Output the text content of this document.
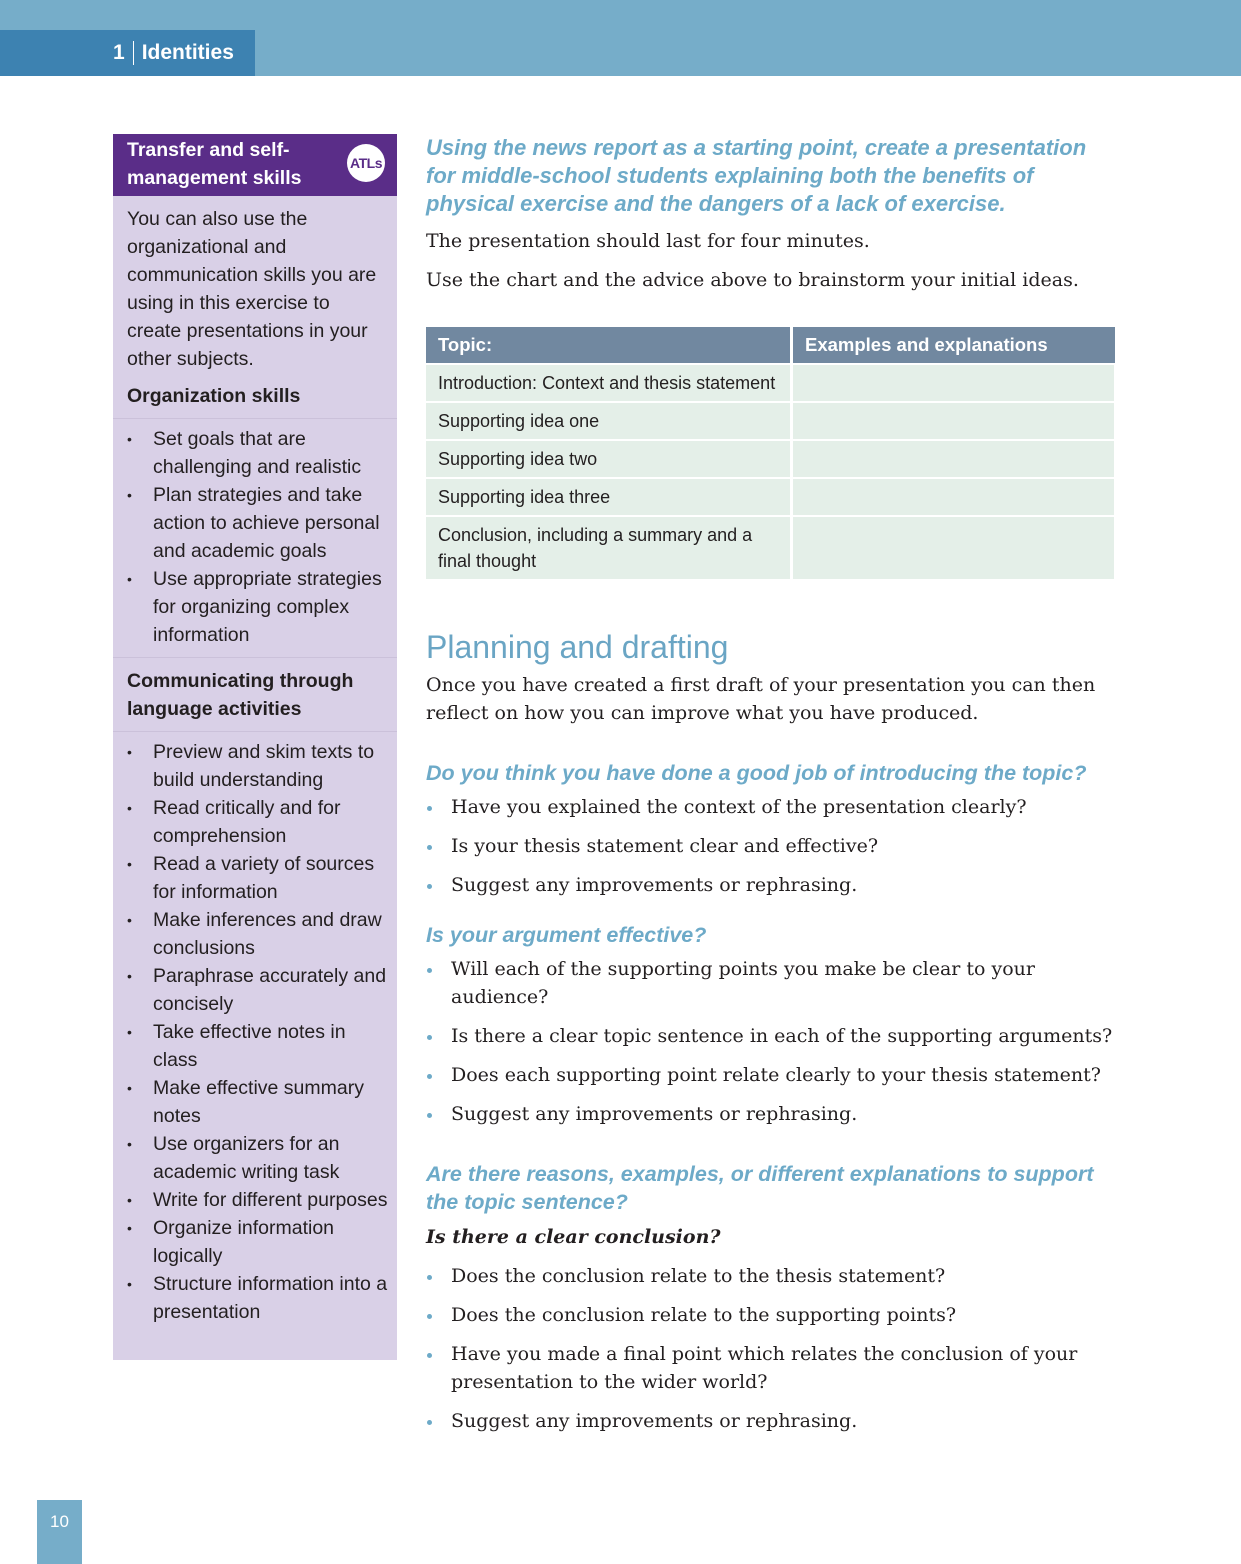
1 Identities
Transfer and self-management skills
ATLs
You can also use the organizational and communication skills you are using in this exercise to create presentations in your other subjects.
Organization skills
• Set goals that are challenging and realistic
• Plan strategies and take action to achieve personal and academic goals
• Use appropriate strategies for organizing complex information
Communicating through language activities
• Preview and skim texts to build understanding
• Read critically and for comprehension
• Read a variety of sources for information
• Make inferences and draw conclusions
• Paraphrase accurately and concisely
• Take effective notes in class
• Make effective summary notes
• Use organizers for an academic writing task
• Write for different purposes
• Organize information logically
• Structure information into a presentation
Using the news report as a starting point, create a presentation for middle-school students explaining both the benefits of physical exercise and the dangers of a lack of exercise.

The presentation should last for four minutes.

Use the chart and the advice above to brainstorm your initial ideas.

Topic:	Examples and explanations
Introduction: Context and thesis statement	
Supporting idea one	
Supporting idea two	
Supporting idea three	
Conclusion, including a summary and a final thought	
Planning and drafting

Once you have created a first draft of your presentation you can then reflect on how you can improve what you have produced.

Do you think you have done a good job of introducing the topic?
Have you explained the context of the presentation clearly?
Is your thesis statement clear and effective?
Suggest any improvements or rephrasing.
Is your argument effective?
Will each of the supporting points you make be clear to your audience?
Is there a clear topic sentence in each of the supporting arguments?
Does each supporting point relate clearly to your thesis statement?
Suggest any improvements or rephrasing.
Are there reasons, examples, or different explanations to support the topic sentence?

Is there a clear conclusion?

Does the conclusion relate to the thesis statement?
Does the conclusion relate to the supporting points?
Have you made a final point which relates the conclusion of your presentation to the wider world?
Suggest any improvements or rephrasing.
10
